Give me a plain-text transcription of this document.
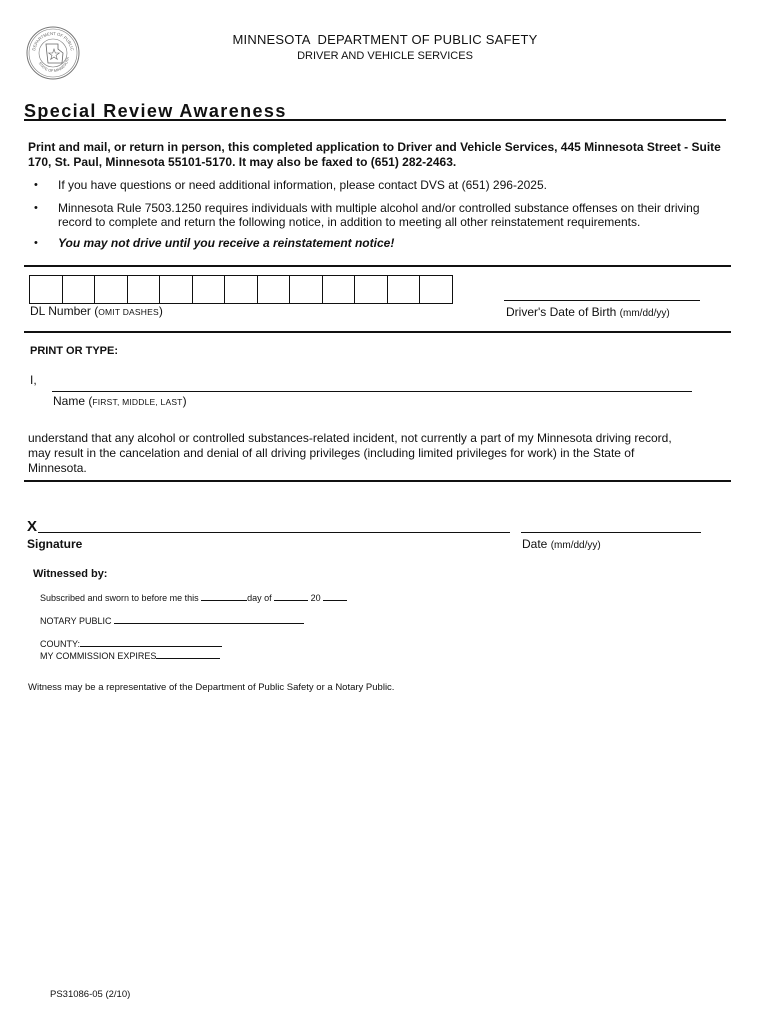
DEPARTMENT OF PUBLIC
STATE OF MINNESOTA
MINNESOTA  DEPARTMENT OF PUBLIC SAFETY
DRIVER AND VEHICLE SERVICES
Special Review Awareness
Print and mail, or return in person, this completed application to Driver and Vehicle Services, 445 Minnesota Street - Suite 170, St. Paul, Minnesota 55101-5170. It may also be faxed to (651) 282-2463.
• If you have questions or need additional information, please contact DVS at (651) 296-2025.
• Minnesota Rule 7503.1250 requires individuals with multiple alcohol and/or controlled substance offenses on their driving record to complete and return the following notice, in addition to meeting all other reinstatement requirements.
• You may not drive until you receive a reinstatement notice!
DL Number (OMIT DASHES)	Driver's Date of Birth (mm/dd/yy)
PRINT OR TYPE:
I,
Name (FIRST, MIDDLE, LAST)
understand that any alcohol or controlled substances-related incident, not currently a part of my Minnesota driving record, may result in the cancelation and denial of all driving privileges (including limited privileges for work) in the State of Minnesota.
X
Signature	Date (mm/dd/yy)
Witnessed by:
Subscribed and sworn to before me this	day of	20
NOTARY PUBLIC
COUNTY:
MY COMMISSION EXPIRES
Witness may be a representative of the Department of Public Safety or a Notary Public.
PS31086-05 (2/10)
